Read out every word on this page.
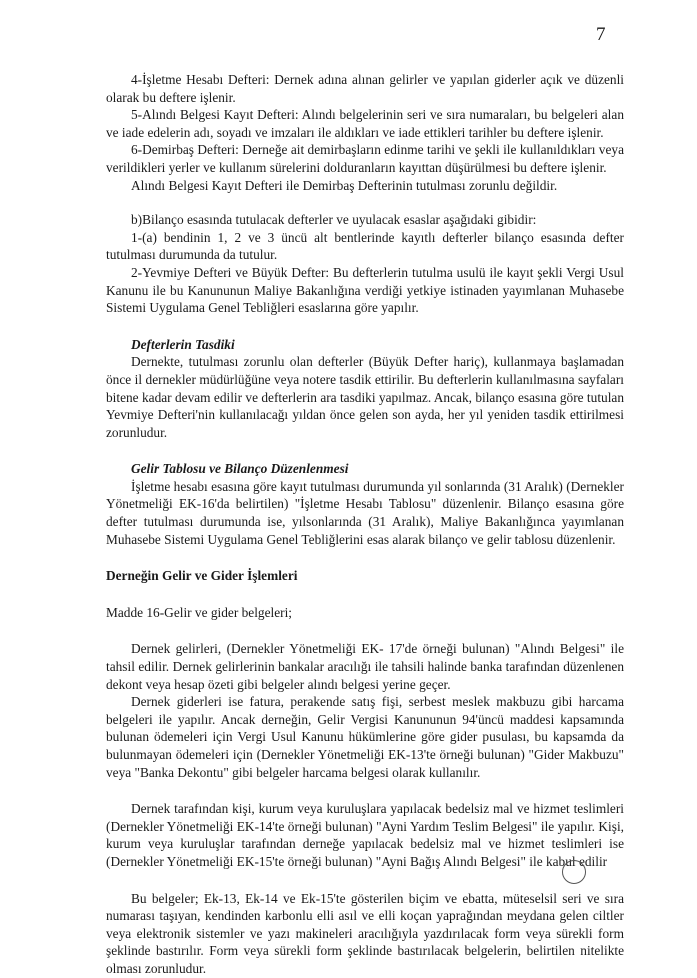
7

4-İşletme Hesabı Defteri: Dernek adına alınan gelirler ve yapılan giderler açık ve düzenli olarak bu deftere işlenir.

5-Alındı Belgesi Kayıt Defteri: Alındı belgelerinin seri ve sıra numaraları, bu belgeleri alan ve iade edelerin adı, soyadı ve imzaları ile aldıkları ve iade ettikleri tarihler bu deftere işlenir.

6-Demirbaş Defteri: Derneğe ait demirbaşların edinme tarihi ve şekli ile kullanıldıkları veya verildikleri yerler ve kullanım sürelerini dolduranların kayıttan düşürülmesi bu deftere işlenir.

Alındı Belgesi Kayıt Defteri ile Demirbaş Defterinin tutulması zorunlu değildir.

b)Bilanço esasında tutulacak defterler ve uyulacak esaslar aşağıdaki gibidir:

1-(a) bendinin 1, 2 ve 3 üncü alt bentlerinde kayıtlı defterler bilanço esasında defter tutulması durumunda da tutulur.

2-Yevmiye Defteri ve Büyük Defter: Bu defterlerin tutulma usulü ile kayıt şekli Vergi Usul Kanunu ile bu Kanununun Maliye Bakanlığına verdiği yetkiye istinaden yayımlanan Muhasebe Sistemi Uygulama Genel Tebliğleri esaslarına göre yapılır.

Defterlerin Tasdiki

Dernekte, tutulması zorunlu olan defterler (Büyük Defter hariç), kullanmaya başlamadan önce il dernekler müdürlüğüne veya notere tasdik ettirilir. Bu defterlerin kullanılmasına sayfaları bitene kadar devam edilir ve defterlerin ara tasdiki yapılmaz. Ancak, bilanço esasına göre tutulan Yevmiye Defteri'nin kullanılacağı yıldan önce gelen son ayda, her yıl yeniden tasdik ettirilmesi zorunludur.

Gelir Tablosu ve Bilanço Düzenlenmesi

İşletme hesabı esasına göre kayıt tutulması durumunda yıl sonlarında (31 Aralık) (Dernekler Yönetmeliği EK-16'da belirtilen) "İşletme Hesabı Tablosu" düzenlenir. Bilanço esasına göre defter tutulması durumunda ise, yılsonlarında (31 Aralık), Maliye Bakanlığınca yayımlanan Muhasebe Sistemi Uygulama Genel Tebliğlerini esas alarak bilanço ve gelir tablosu düzenlenir.

Derneğin Gelir ve Gider İşlemleri

Madde 16-Gelir ve gider belgeleri;

Dernek gelirleri, (Dernekler Yönetmeliği EK- 17'de örneği bulunan) "Alındı Belgesi" ile tahsil edilir. Dernek gelirlerinin bankalar aracılığı ile tahsili halinde banka tarafından düzenlenen dekont veya hesap özeti gibi belgeler alındı belgesi yerine geçer.

Dernek giderleri ise fatura, perakende satış fişi, serbest meslek makbuzu gibi harcama belgeleri ile yapılır. Ancak derneğin, Gelir Vergisi Kanununun 94'üncü maddesi kapsamında bulunan ödemeleri için Vergi Usul Kanunu hükümlerine göre gider pusulası, bu kapsamda da bulunmayan ödemeleri için (Dernekler Yönetmeliği EK-13'te örneği bulunan) "Gider Makbuzu" veya "Banka Dekontu" gibi belgeler harcama belgesi olarak kullanılır.

Dernek tarafından kişi, kurum veya kuruluşlara yapılacak bedelsiz mal ve hizmet teslimleri (Dernekler Yönetmeliği EK-14'te örneği bulunan) "Ayni Yardım Teslim Belgesi" ile yapılır. Kişi, kurum veya kuruluşlar tarafından derneğe yapılacak bedelsiz mal ve hizmet teslimleri ise (Dernekler Yönetmeliği EK-15'te örneği bulunan) "Ayni Bağış Alındı Belgesi" ile kabul edilir

Bu belgeler; Ek-13, Ek-14 ve Ek-15'te gösterilen biçim ve ebatta, müteselsil seri ve sıra numarası taşıyan, kendinden karbonlu elli asıl ve elli koçan yaprağından meydana gelen ciltler veya elektronik sistemler ve yazı makineleri aracılığıyla yazdırılacak form veya sürekli form şeklinde bastırılır. Form veya sürekli form şeklinde bastırılacak belgelerin, belirtilen nitelikte olması zorunludur.
